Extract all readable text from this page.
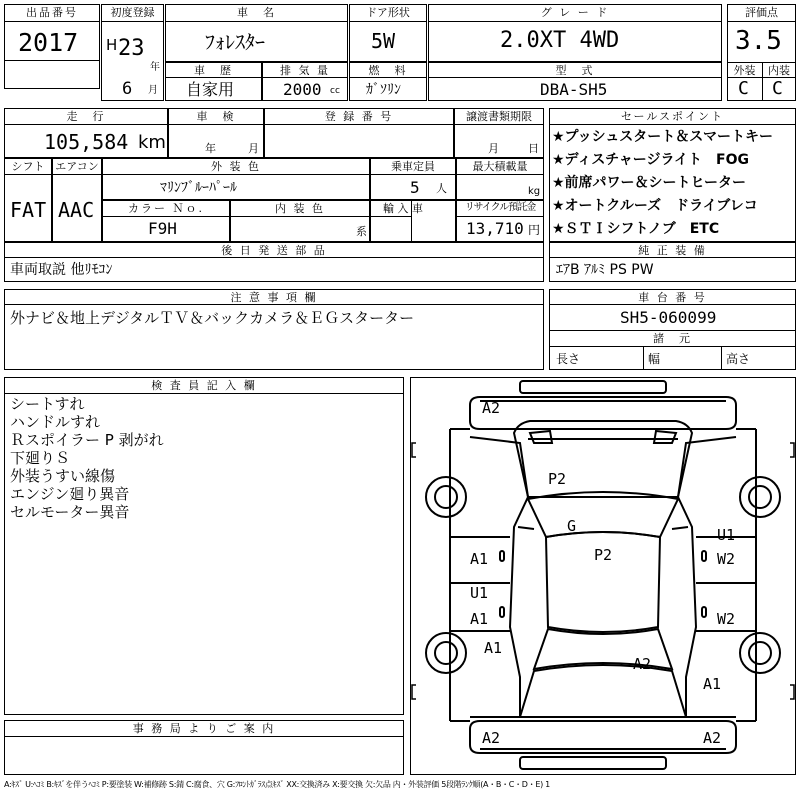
出品番号
2017
初度登録
H 23
年
6 月
車　名
ﾌｫﾚｽﾀｰ
ドア形状
5W
グ レ ー ド
2.0XT 4WD
評価点
3.5
外装	内装
C C
車　歴
自家用
排 気 量
2000 cc
燃　料
ｶﾞｿﾘﾝ
型　式
DBA-SH5
走　行
105,584 km
車　検
年	月
登 録 番 号	譲渡書類期限
月	日
シフト
FAT
エアコン
AAC
外 装 色
ﾏﾘﾝﾌﾞﾙｰﾊﾟｰﾙ
乗車定員
5 人
最大積載量
kg
カラー Ｎｏ.
F9H
内 装 色
系
輸 入 車	リサイクル預託金
13,710 円
後 日 発 送 部 品
車両取説 他ﾘﾓｺﾝ
セールスポイント
★プッシュスタート＆スマートキー
★ディスチャージライト　FOG
★前席パワー＆シートヒーター
★オートクルーズ　ドライブレコ
★ＳＴＩシフトノブ　ETC
純 正 装 備
ｴｱB ｱﾙﾐ PS PW
注 意 事 項 欄
外ナビ＆地上デジタルＴＶ＆バックカメラ＆ＥＧスターター
車 台 番 号
SH5-060099
諸　元
長さ	幅	高さ
検 査 員 記 入 欄
シートすれ
ハンドルすれ
Ｒスポイラー P 剥がれ
下廻りＳ
外装うすい線傷
エンジン廻り異音
セルモーター異音
事 務 局 よ り ご 案 内
A2
P2
G
P2
A1
U1
W2
U1
A1	W2
A1
A2
A1
A2	A2
A:ｷｽﾞ U:ﾍｺﾐ B:ｷｽﾞを伴うﾍｺﾐ P:要塗装 W:補修跡 S:錆 C:腐食、穴 G:ﾌﾛﾝﾄｶﾞﾗｽ点ｷｽﾞ XX:交換済み X:要交換 欠:欠品 内・外装評価 5段階ﾗﾝｸ順(A・B・C・D・E) 1
